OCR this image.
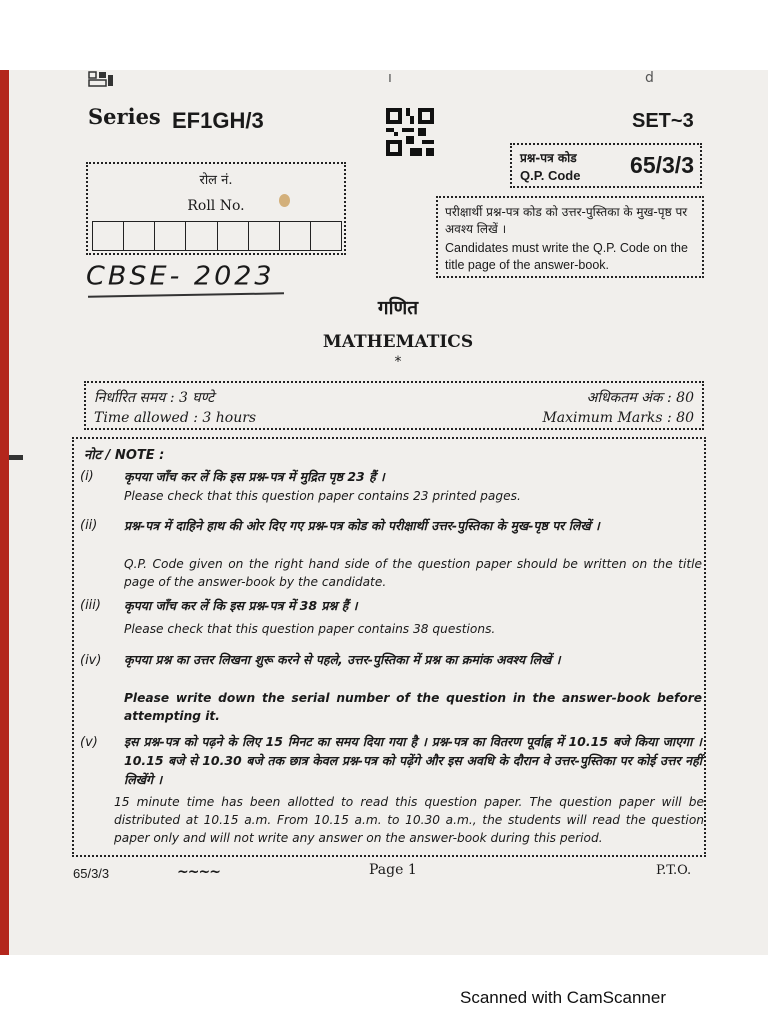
ı	d
Series EF1GH/3	SET~3
प्रश्न-पत्र कोड
Q.P. Code 65/3/3
रोल नं.
Roll No.	परीक्षार्थी प्रश्न-पत्र कोड को उत्तर-पुस्तिका के मुख-पृष्ठ पर अवश्य लिखें ।
Candidates must write the Q.P. Code on the title page of the answer-book.
CBSE- 2023
गणित
MATHEMATICS
*
निर्धारित समय : 3 घण्टे
Time allowed : 3 hours
अधिकतम अंक : 80
Maximum Marks : 80
नोट / NOTE :
(i) कृपया जाँच कर लें कि इस प्रश्न-पत्र में मुद्रित पृष्ठ 23 हैं ।
Please check that this question paper contains 23 printed pages.
(ii) प्रश्न-पत्र में दाहिने हाथ की ओर दिए गए प्रश्न-पत्र कोड को परीक्षार्थी उत्तर-पुस्तिका के मुख-पृष्ठ पर लिखें ।
Q.P. Code given on the right hand side of the question paper should be written on the title page of the answer-book by the candidate.
(iii) कृपया जाँच कर लें कि इस प्रश्न-पत्र में 38 प्रश्न हैं ।
Please check that this question paper contains 38 questions.
(iv) कृपया प्रश्न का उत्तर लिखना शुरू करने से पहले, उत्तर-पुस्तिका में प्रश्न का क्रमांक अवश्य लिखें ।
Please write down the serial number of the question in the answer-book before attempting it.
(v) इस प्रश्न-पत्र को पढ़ने के लिए 15 मिनट का समय दिया गया है । प्रश्न-पत्र का वितरण पूर्वाह्न में 10.15 बजे किया जाएगा । 10.15 बजे से 10.30 बजे तक छात्र केवल प्रश्न-पत्र को पढ़ेंगे और इस अवधि के दौरान वे उत्तर-पुस्तिका पर कोई उत्तर नहीं लिखेंगे ।
15 minute time has been allotted to read this question paper. The question paper will be distributed at 10.15 a.m. From 10.15 a.m. to 10.30 a.m., the students will read the question paper only and will not write any answer on the answer-book during this period.
65/3/3	~~~~	Page 1	P.T.O.
Scanned with CamScanner
